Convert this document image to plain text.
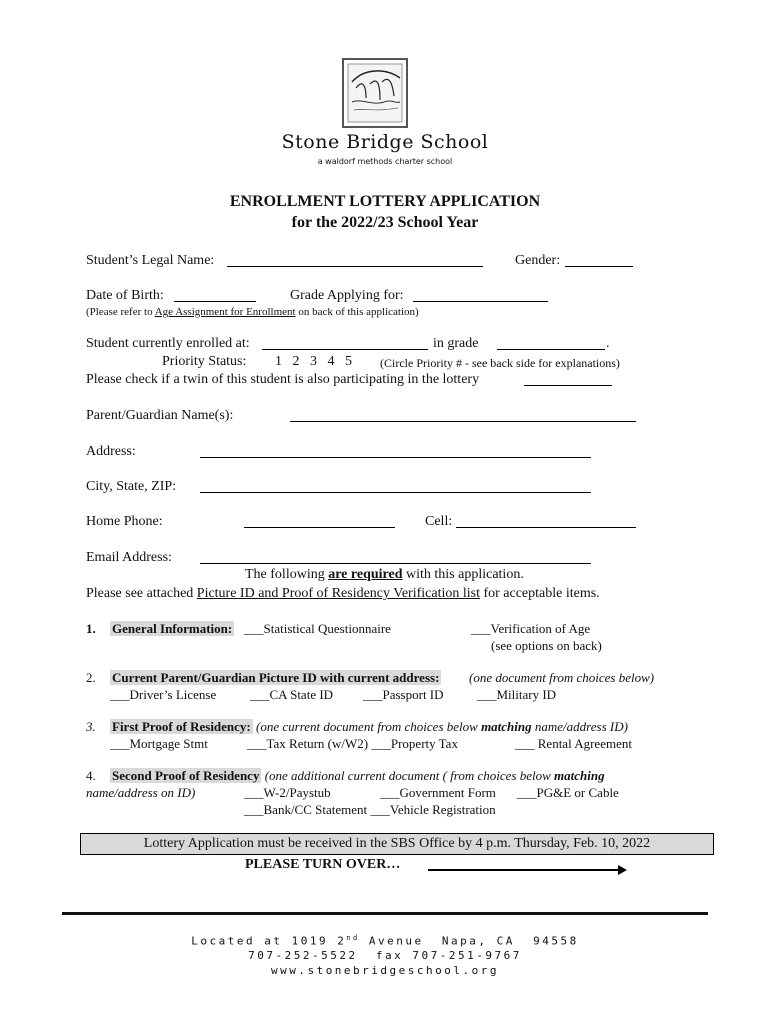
Stone Bridge School
a waldorf methods charter school
ENROLLMENT LOTTERY APPLICATION
for the 2022/23 School Year
Student’s Legal Name:	Gender:
Date of Birth:	Grade Applying for:
(Please refer to Age Assignment for Enrollment on back of this application)
Student currently enrolled at:	in grade	.
Priority Status: 1   2   3   4   5 (Circle Priority # - see back side for explanations)
Please check if a twin of this student is also participating in the lottery
Parent/Guardian Name(s):
Address:
City, State, ZIP:
Home Phone:	Cell:
Email Address:
The following are required with this application.
Please see attached Picture ID and Proof of Residency Verification list for acceptable items.
1. General Information: ___Statistical Questionnaire	___Verification of Age
(see options on back)
2. Current Parent/Guardian Picture ID with current address: (one document from choices below)
___Driver’s License	___CA State ID ___Passport ID	___Military ID
3. First Proof of Residency: (one current document from choices below matching name/address ID)
___Mortgage Stmt	___Tax Return (w/W2) ___Property Tax	___ Rental Agreement
4. Second Proof of Residency (one additional current document ( from choices below matching
name/address on ID)	___W-2/Paystub	___Government Form ___PG&E or Cable
___Bank/CC Statement ___Vehicle Registration
Lottery Application must be received in the SBS Office by 4 p.m. Thursday, Feb. 10, 2022
PLEASE TURN OVER…
Located at 1019 2nd Avenue  Napa, CA  94558
707-252-5522  fax 707-251-9767
www.stonebridgeschool.org
